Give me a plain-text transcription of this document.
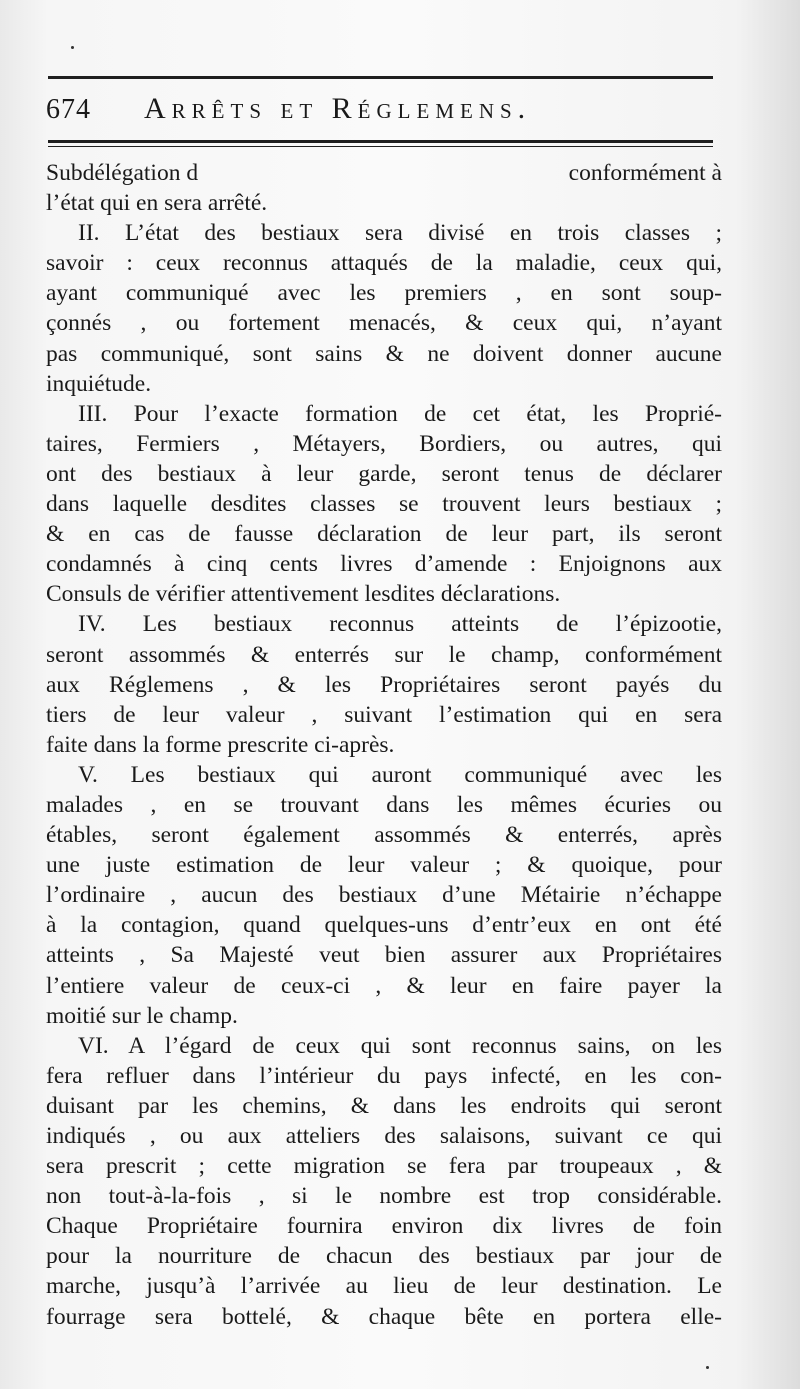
674 Arrêts et Réglemens.
Subdélégation d	conformément à
l’état qui en sera arrêté.
II. L’état des bestiaux sera divisé en trois classes ;
savoir : ceux reconnus attaqués de la maladie, ceux qui,
ayant communiqué avec les premiers , en sont soup-
çonnés , ou fortement menacés, & ceux qui, n’ayant
pas communiqué, sont sains & ne doivent donner aucune
inquiétude.
III. Pour l’exacte formation de cet état, les Proprié-
taires, Fermiers , Métayers, Bordiers, ou autres, qui
ont des bestiaux à leur garde, seront tenus de déclarer
dans laquelle desdites classes se trouvent leurs bestiaux ;
& en cas de fausse déclaration de leur part, ils seront
condamnés à cinq cents livres d’amende : Enjoignons aux
Consuls de vérifier attentivement lesdites déclarations.
IV. Les bestiaux reconnus atteints de l’épizootie,
seront assommés & enterrés sur le champ, conformément
aux Réglemens , & les Propriétaires seront payés du
tiers de leur valeur , suivant l’estimation qui en sera
faite dans la forme prescrite ci-après.
V. Les bestiaux qui auront communiqué avec les
malades , en se trouvant dans les mêmes écuries ou
étables, seront également assommés & enterrés, après
une juste estimation de leur valeur ; & quoique, pour
l’ordinaire , aucun des bestiaux d’une Métairie n’échappe
à la contagion, quand quelques-uns d’entr’eux en ont été
atteints , Sa Majesté veut bien assurer aux Propriétaires
l’entiere valeur de ceux-ci , & leur en faire payer la
moitié sur le champ.
VI. A l’égard de ceux qui sont reconnus sains, on les
fera refluer dans l’intérieur du pays infecté, en les con-
duisant par les chemins, & dans les endroits qui seront
indiqués , ou aux atteliers des salaisons, suivant ce qui
sera prescrit ; cette migration se fera par troupeaux , &
non tout-à-la-fois , si le nombre est trop considérable.
Chaque Propriétaire fournira environ dix livres de foin
pour la nourriture de chacun des bestiaux par jour de
marche, jusqu’à l’arrivée au lieu de leur destination. Le
fourrage sera bottelé, & chaque bête en portera elle-
